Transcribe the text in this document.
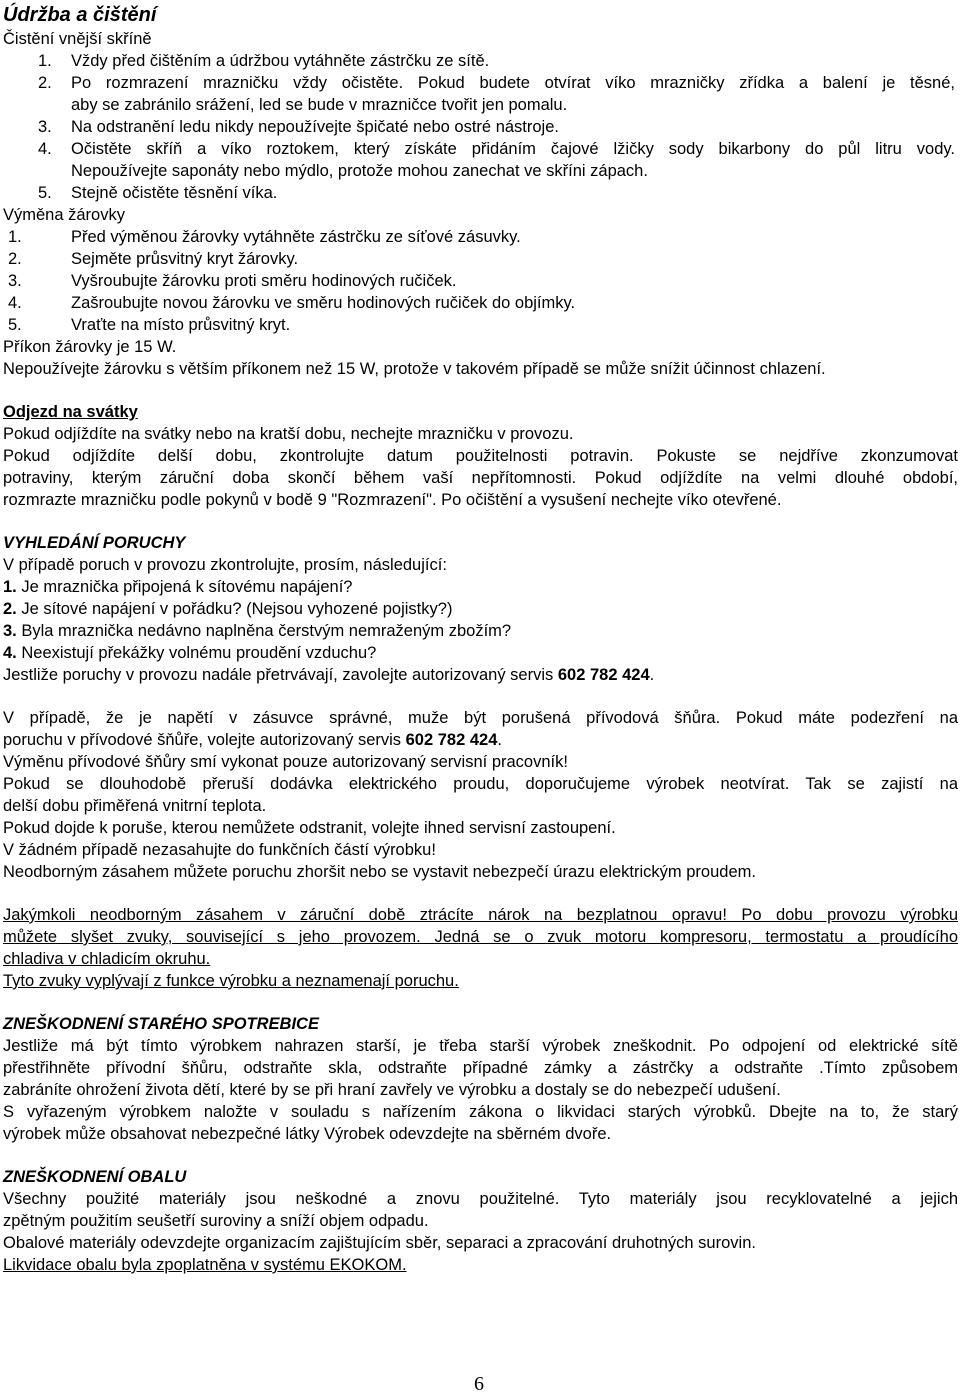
Údržba a čištění
Čistění vnější skříně
1. Vždy před čištěním a údržbou vytáhněte zástrčku ze sítě.
2. Po rozmrazení mrazničku vždy očistěte. Pokud budete otvírat víko mrazničky zřídka a balení je těsné,
aby se zabránilo srážení, led se bude v mrazničce tvořit jen pomalu.
3. Na odstranění ledu nikdy nepoužívejte špičaté nebo ostré nástroje.
4. Očistěte skříň a víko roztokem, který získáte přidáním čajové lžičky sody bikarbony do půl litru vody.
Nepoužívejte saponáty nebo mýdlo, protože mohou zanechat ve skříni zápach.
5. Stejně očistěte těsnění víka.
Výměna žárovky
1.	Před výměnou žárovky vytáhněte zástrčku ze síťové zásuvky.
2.	Sejměte průsvitný kryt žárovky.
3.	Vyšroubujte žárovku proti směru hodinových ručiček.
4.	Zašroubujte novou žárovku ve směru hodinových ručiček do objímky.
5.	Vraťte na místo průsvitný kryt.
Příkon žárovky je 15 W.
Nepoužívejte žárovku s větším příkonem než 15 W, protože v takovém případě se může snížit účinnost chlazení.
Odjezd na svátky
Pokud odjíždíte na svátky nebo na kratší dobu, nechejte mrazničku v provozu.
Pokud odjíždíte delší dobu, zkontrolujte datum použitelnosti potravin. Pokuste se nejdříve zkonzumovat
potraviny, kterým záruční doba skončí během vaší nepřítomnosti. Pokud odjíždíte na velmi dlouhé období,
rozmrazte mrazničku podle pokynů v bodě 9 "Rozmrazení". Po očištění a vysušení nechejte víko otevřené.
VYHLEDÁNÍ PORUCHY
V případě poruch v provozu zkontrolujte, prosím, následující:
1. Je mraznička připojená k sítovému napájení?
2. Je sítové napájení v pořádku? (Nejsou vyhozené pojistky?)
3. Byla mraznička nedávno naplněna čerstvým nemraženým zbožím?
4. Neexistují překážky volnému proudění vzduchu?
Jestliže poruchy v provozu nadále přetrvávají, zavolejte autorizovaný servis 602 782 424.
V případě, že je napětí v zásuvce správné, muže být porušená přívodová šňůra. Pokud máte podezření na
poruchu v přívodové šňůře, volejte autorizovaný servis 602 782 424.
Výměnu přívodové šňůry smí vykonat pouze autorizovaný servisní pracovník!
Pokud se dlouhodobě přeruší dodávka elektrického proudu, doporučujeme výrobek neotvírat. Tak se zajistí na
delší dobu přiměřená vnitrní teplota.
Pokud dojde k poruše, kterou nemůžete odstranit, volejte ihned servisní zastoupení.
V žádném případě nezasahujte do funkčních částí výrobku!
Neodborným zásahem můžete poruchu zhoršit nebo se vystavit nebezpečí úrazu elektrickým proudem.
Jakýmkoli neodborným zásahem v záruční době ztrácíte nárok na bezplatnou opravu! Po dobu provozu výrobku
můžete slyšet zvuky, související s jeho provozem. Jedná se o zvuk motoru kompresoru, termostatu a proudícího
chladiva v chladicím okruhu.
Tyto zvuky vyplývají z funkce výrobku a neznamenají poruchu.
ZNEŠKODNENÍ STARÉHO SPOTREBICE
Jestliže má být tímto výrobkem nahrazen starší, je třeba starší výrobek zneškodnit. Po odpojení od elektrické sítě
přestřihněte přívodní šňůru, odstraňte skla, odstraňte případné zámky a zástrčky a odstraňte .Tímto způsobem
zabráníte ohrožení života dětí, které by se při hraní zavřely ve výrobku a dostaly se do nebezpečí udušení.
S vyřazeným výrobkem naložte v souladu s nařízením zákona o likvidaci starých výrobků. Dbejte na to, že starý
výrobek může obsahovat nebezpečné látky Výrobek odevzdejte na sběrném dvoře.
ZNEŠKODNENÍ OBALU
Všechny použité materiály jsou neškodné a znovu použitelné. Tyto materiály jsou recyklovatelné a jejich
zpětným použitím seušetří suroviny a sníží objem odpadu.
Obalové materiály odevzdejte organizacím zajištujícím sběr, separaci a zpracování druhotných surovin.
Likvidace obalu byla zpoplatněna v systému EKOKOM.
6
